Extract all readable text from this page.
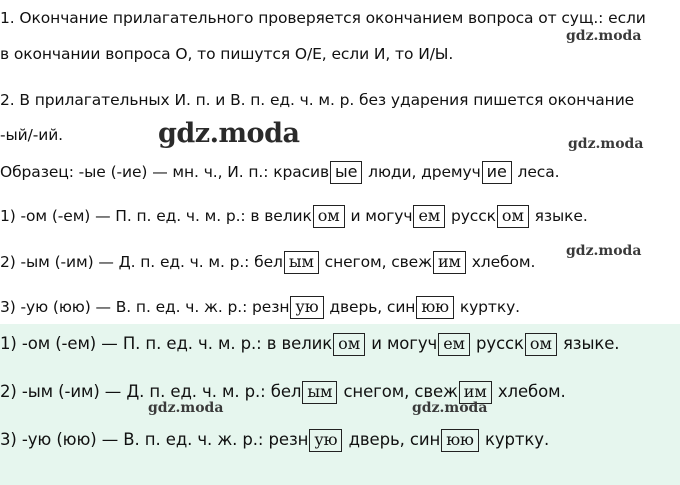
1. Окончание прилагательного проверяется окончанием вопроса от сущ.: если
в окончании вопроса О, то пишутся О/Е, если И, то И/Ы.
2. В прилагательных И. п. и В. п. ед. ч. м. р. без ударения пишется окончание
-ый/-ий.
Образец: -ые (-ие) — мн. ч., И. п.: красив ые люди, дремуч ие леса.
1) -ом (-ем) — П. п. ед. ч. м. р.: в велик ом и могуч ем русск ом языке.
2) -ым (-им) — Д. п. ед. ч. м. р.: бел ым снегом, свеж им хлебом.
3) -ую (юю) — В. п. ед. ч. ж. р.: резн ую дверь, син юю куртку.
1) -ом (-ем) — П. п. ед. ч. м. р.: в велик ом и могуч ем русск ом языке.
2) -ым (-им) — Д. п. ед. ч. м. р.: бел ым снегом, свеж им хлебом.
3) -ую (юю) — В. п. ед. ч. ж. р.: резн ую дверь, син юю куртку.
gdz.moda
gdz.moda	gdz.moda
gdz.moda
gdz.moda	gdz.moda
